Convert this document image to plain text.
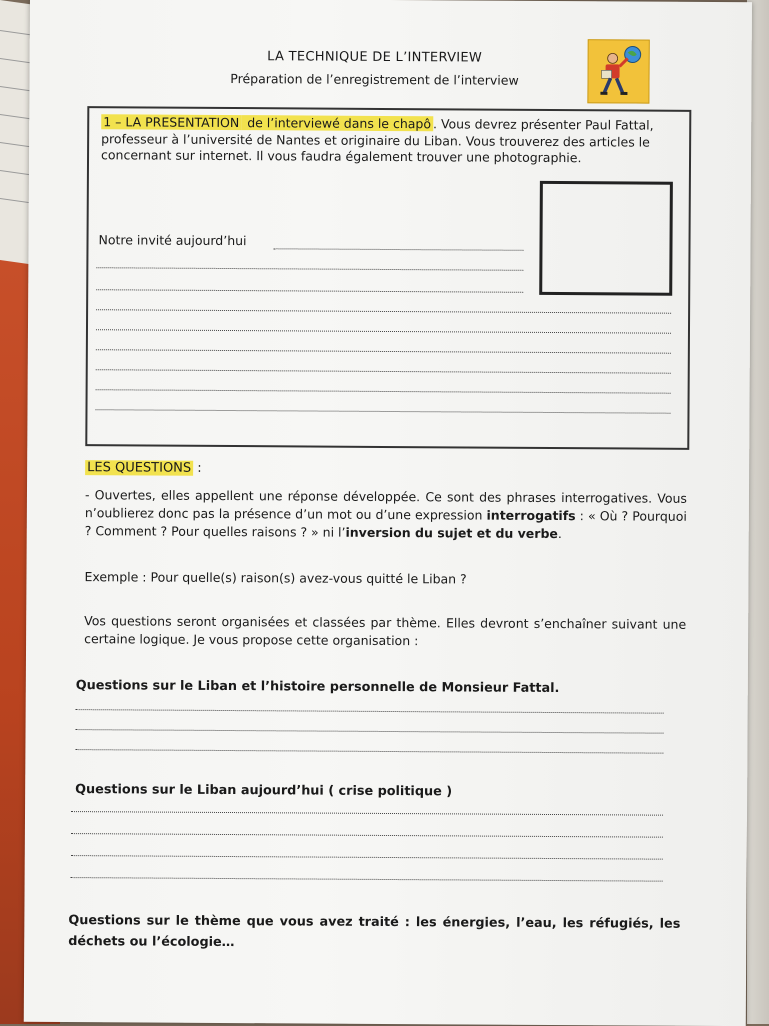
LA TECHNIQUE DE L’INTERVIEW
Préparation de l’enregistrement de l’interview
1 – LA PRESENTATION de l’interviewé dans le chapô . Vous devrez présenter Paul Fattal, professeur à l’université de Nantes et originaire du Liban. Vous trouverez des articles le concernant sur internet. Il vous faudra également trouver une photographie.
Notre invité aujourd’hui
LES QUESTIONS :
- Ouvertes, elles appellent une réponse développée. Ce sont des phrases interrogatives. Vous n’oublierez donc pas la présence d’un mot ou d’une expression interrogatifs : « Où ? Pourquoi ? Comment ? Pour quelles raisons ? » ni l’inversion du sujet et du verbe.
Exemple : Pour quelle(s) raison(s) avez-vous quitté le Liban ?
Vos questions seront organisées et classées par thème. Elles devront s’enchaîner suivant une certaine logique. Je vous propose cette organisation :
Questions sur le Liban et l’histoire personnelle de Monsieur Fattal.
Questions sur le Liban aujourd’hui ( crise politique )
Questions sur le thème que vous avez traité : les énergies, l’eau, les réfugiés, les déchets ou l’écologie…
